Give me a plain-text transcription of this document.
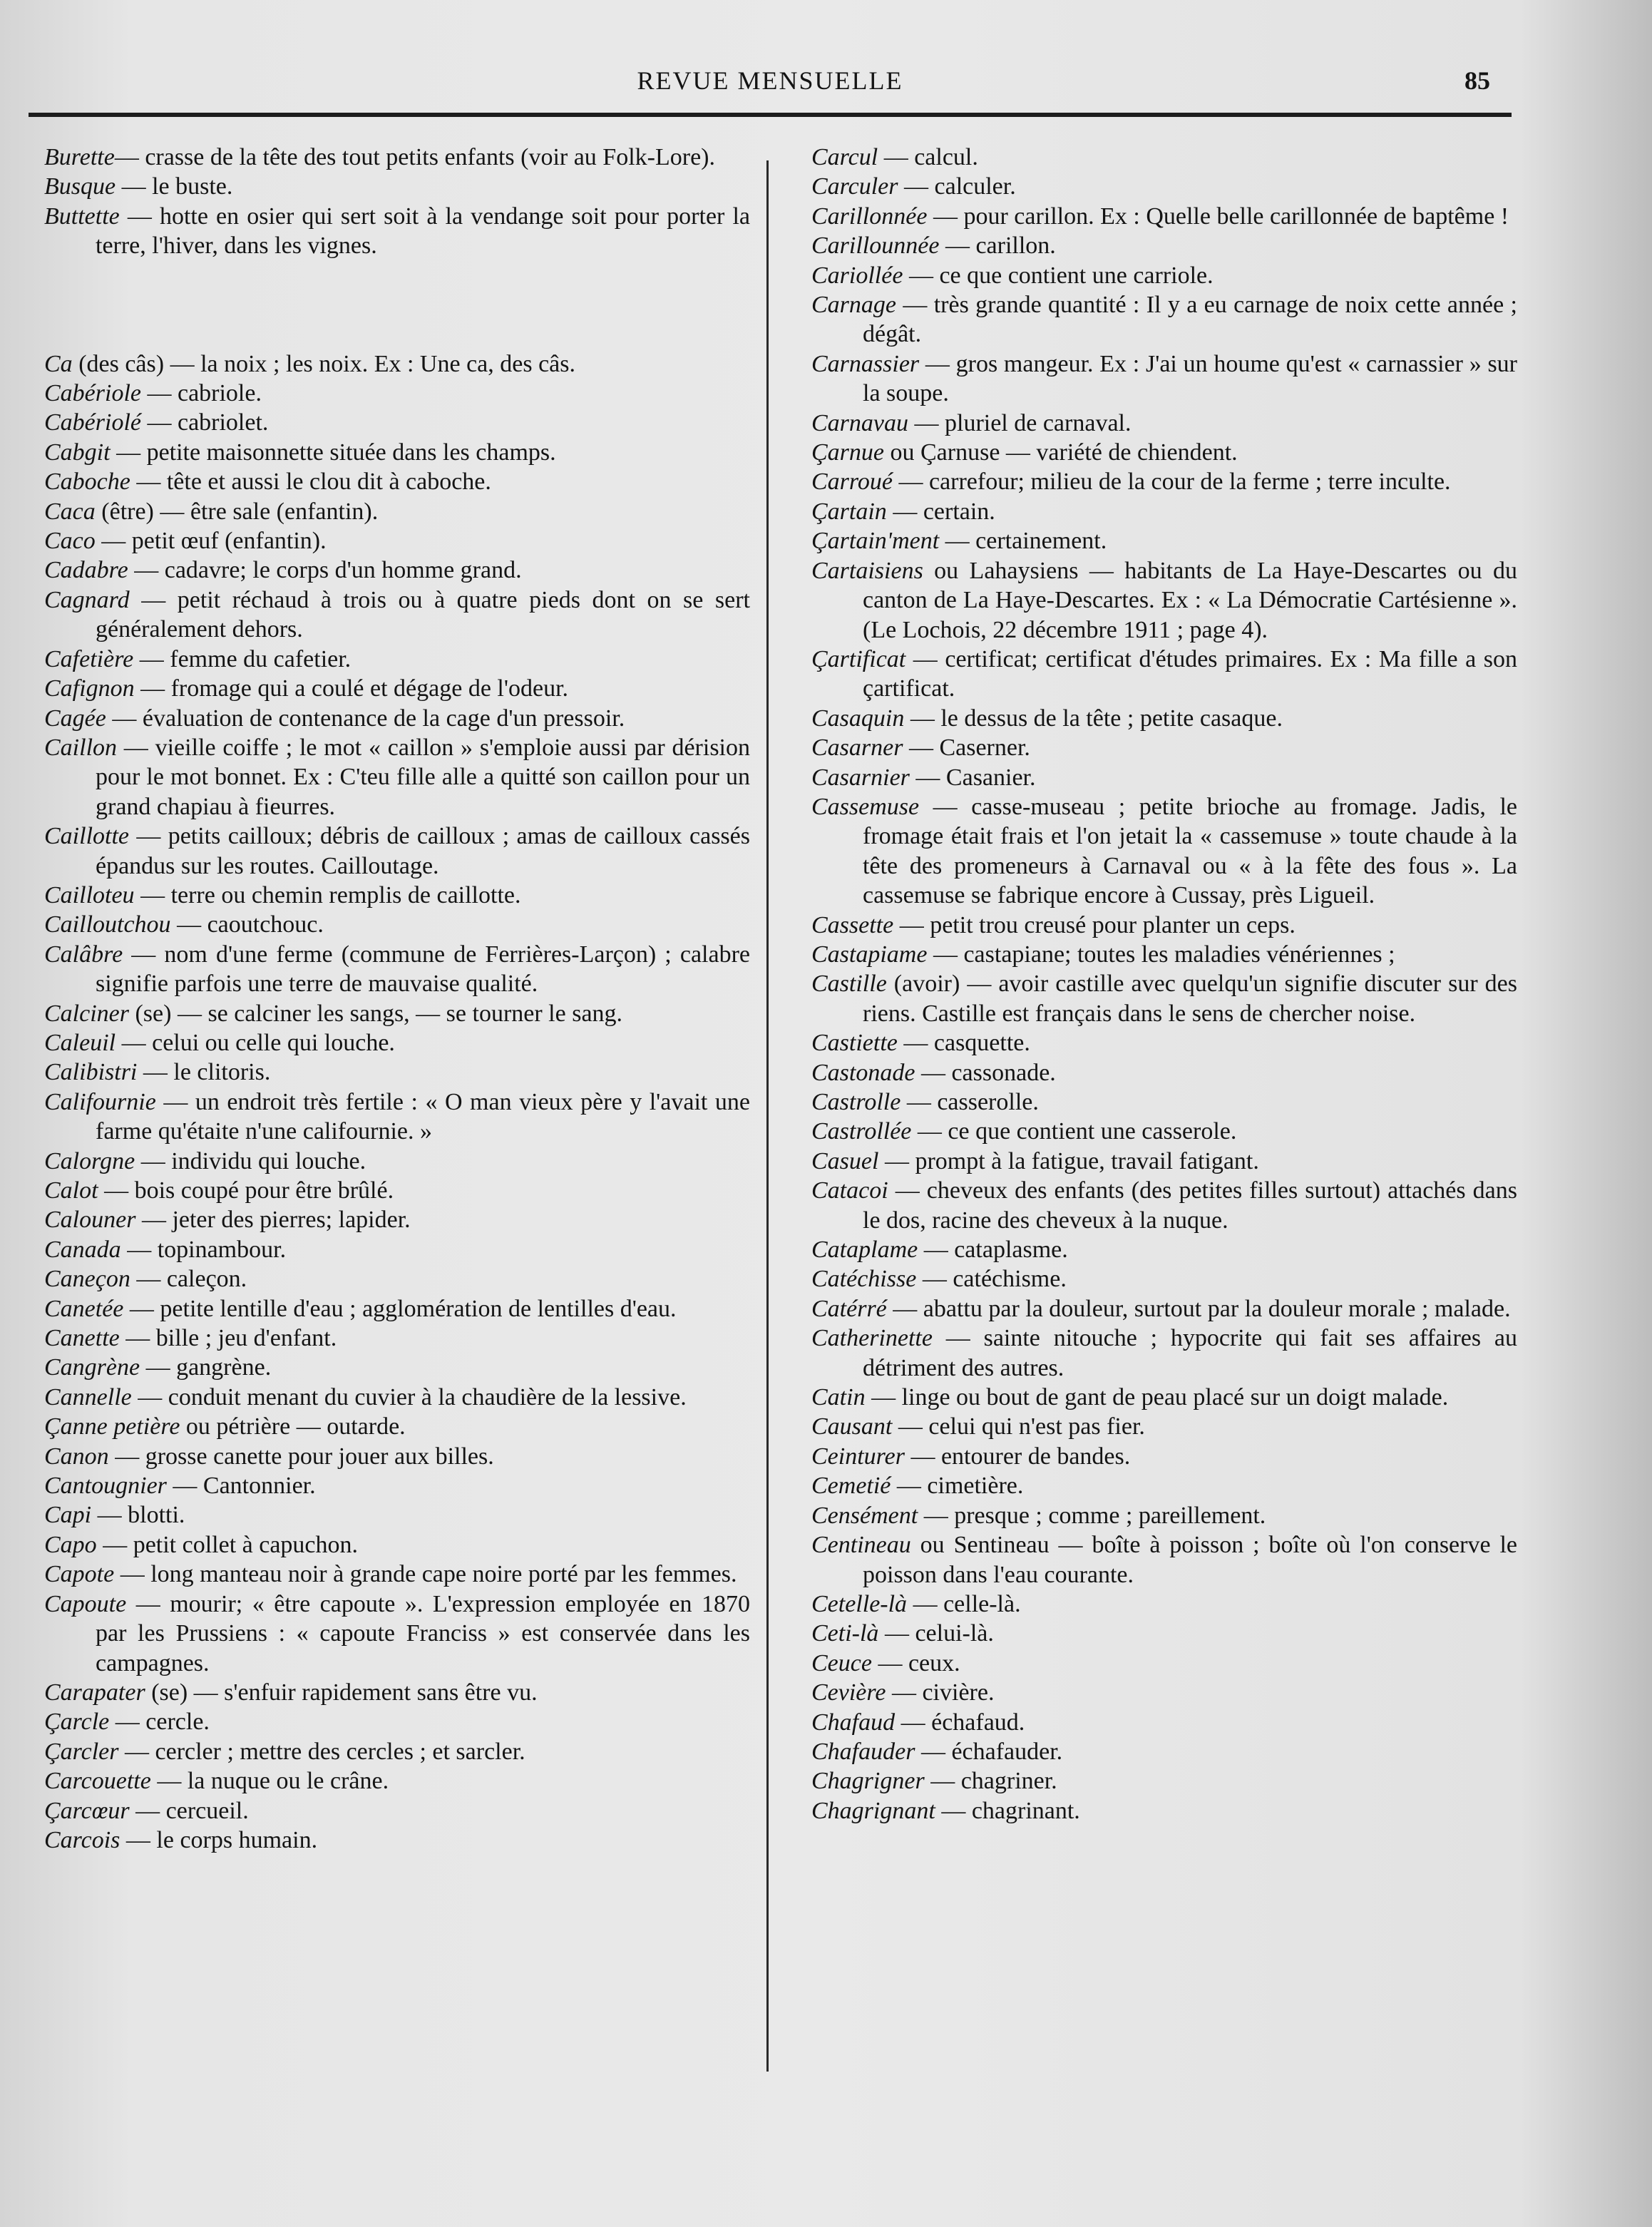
REVUE MENSUELLE	85

Burette— crasse de la tête des tout petits enfants (voir au Folk-Lore).

Busque — le buste.

Buttette — hotte en osier qui sert soit à la vendange soit pour porter la terre, l'hiver, dans les vignes.

Ca (des câs) — la noix ; les noix. Ex : Une ca, des câs.

Cabériole — cabriole.

Cabériolé — cabriolet.

Cabgit — petite maisonnette située dans les champs.

Caboche — tête et aussi le clou dit à caboche.

Caca (être) — être sale (enfantin).

Caco — petit œuf (enfantin).

Cadabre — cadavre; le corps d'un homme grand.

Cagnard — petit réchaud à trois ou à quatre pieds dont on se sert généralement dehors.

Cafetière — femme du cafetier.

Cafignon — fromage qui a coulé et dégage de l'odeur.

Cagée — évaluation de contenance de la cage d'un pressoir.

Caillon — vieille coiffe ; le mot « caillon » s'emploie aussi par dérision pour le mot bonnet. Ex : C'teu fille alle a quitté son caillon pour un grand chapiau à fieurres.

Caillotte — petits cailloux; débris de cailloux ; amas de cailloux cassés épandus sur les routes. Cailloutage.

Cailloteu — terre ou chemin remplis de caillotte.

Cailloutchou — caoutchouc.

Calâbre — nom d'une ferme (commune de Ferrières-Larçon) ; calabre signifie parfois une terre de mauvaise qualité.

Calciner (se) — se calciner les sangs, — se tourner le sang.

Caleuil — celui ou celle qui louche.

Calibistri — le clitoris.

Califournie — un endroit très fertile : « O man vieux père y l'avait une farme qu'étaite n'une califournie. »

Calorgne — individu qui louche.

Calot — bois coupé pour être brûlé.

Calouner — jeter des pierres; lapider.

Canada — topinambour.

Caneçon — caleçon.

Canetée — petite lentille d'eau ; agglomération de lentilles d'eau.

Canette — bille ; jeu d'enfant.

Cangrène — gangrène.

Cannelle — conduit menant du cuvier à la chaudière de la lessive.

Çanne petière ou pétrière — outarde.

Canon — grosse canette pour jouer aux billes.

Cantougnier — Cantonnier.

Capi — blotti.

Capo — petit collet à capuchon.

Capote — long manteau noir à grande cape noire porté par les femmes.

Capoute — mourir; « être capoute ». L'expression employée en 1870 par les Prussiens : « capoute Franciss » est conservée dans les campagnes.

Carapater (se) — s'enfuir rapidement sans être vu.

Çarcle — cercle.

Çarcler — cercler ; mettre des cercles ; et sarcler.

Carcouette — la nuque ou le crâne.

Çarcœur — cercueil.

Carcois — le corps humain.

Carcul — calcul.

Carculer — calculer.

Carillonnée — pour carillon. Ex : Quelle belle carillonnée de baptême !

Carillounnée — carillon.

Cariollée — ce que contient une carriole.

Carnage — très grande quantité : Il y a eu carnage de noix cette année ; dégât.

Carnassier — gros mangeur. Ex : J'ai un houme qu'est « carnassier » sur la soupe.

Carnavau — pluriel de carnaval.

Çarnue ou Çarnuse — variété de chiendent.

Carroué — carrefour; milieu de la cour de la ferme ; terre inculte.

Çartain — certain.

Çartain'ment — certainement.

Cartaisiens ou Lahaysiens — habitants de La Haye-Descartes ou du canton de La Haye-Descartes. Ex : « La Démocratie Cartésienne ». (Le Lochois, 22 décembre 1911 ; page 4).

Çartificat — certificat; certificat d'études primaires. Ex : Ma fille a son çartificat.

Casaquin — le dessus de la tête ; petite casaque.

Casarner — Caserner.

Casarnier — Casanier.

Cassemuse — casse-museau ; petite brioche au fromage. Jadis, le fromage était frais et l'on jetait la « cassemuse » toute chaude à la tête des promeneurs à Carnaval ou « à la fête des fous ». La cassemuse se fabrique encore à Cussay, près Ligueil.

Cassette — petit trou creusé pour planter un ceps.

Castapiame — castapiane; toutes les maladies vénériennes ;

Castille (avoir) — avoir castille avec quelqu'un signifie discuter sur des riens. Castille est français dans le sens de chercher noise.

Castiette — casquette.

Castonade — cassonade.

Castrolle — casserolle.

Castrollée — ce que contient une casserole.

Casuel — prompt à la fatigue, travail fatigant.

Catacoi — cheveux des enfants (des petites filles surtout) attachés dans le dos, racine des cheveux à la nuque.

Cataplame — cataplasme.

Catéchisse — catéchisme.

Catérré — abattu par la douleur, surtout par la douleur morale ; malade.

Catherinette — sainte nitouche ; hypocrite qui fait ses affaires au détriment des autres.

Catin — linge ou bout de gant de peau placé sur un doigt malade.

Causant — celui qui n'est pas fier.

Ceinturer — entourer de bandes.

Cemetié — cimetière.

Censément — presque ; comme ; pareillement.

Centineau ou Sentineau — boîte à poisson ; boîte où l'on conserve le poisson dans l'eau courante.

Cetelle-là — celle-là.

Ceti-là — celui-là.

Ceuce — ceux.

Cevière — civière.

Chafaud — échafaud.

Chafauder — échafauder.

Chagrigner — chagriner.

Chagrignant — chagrinant.
